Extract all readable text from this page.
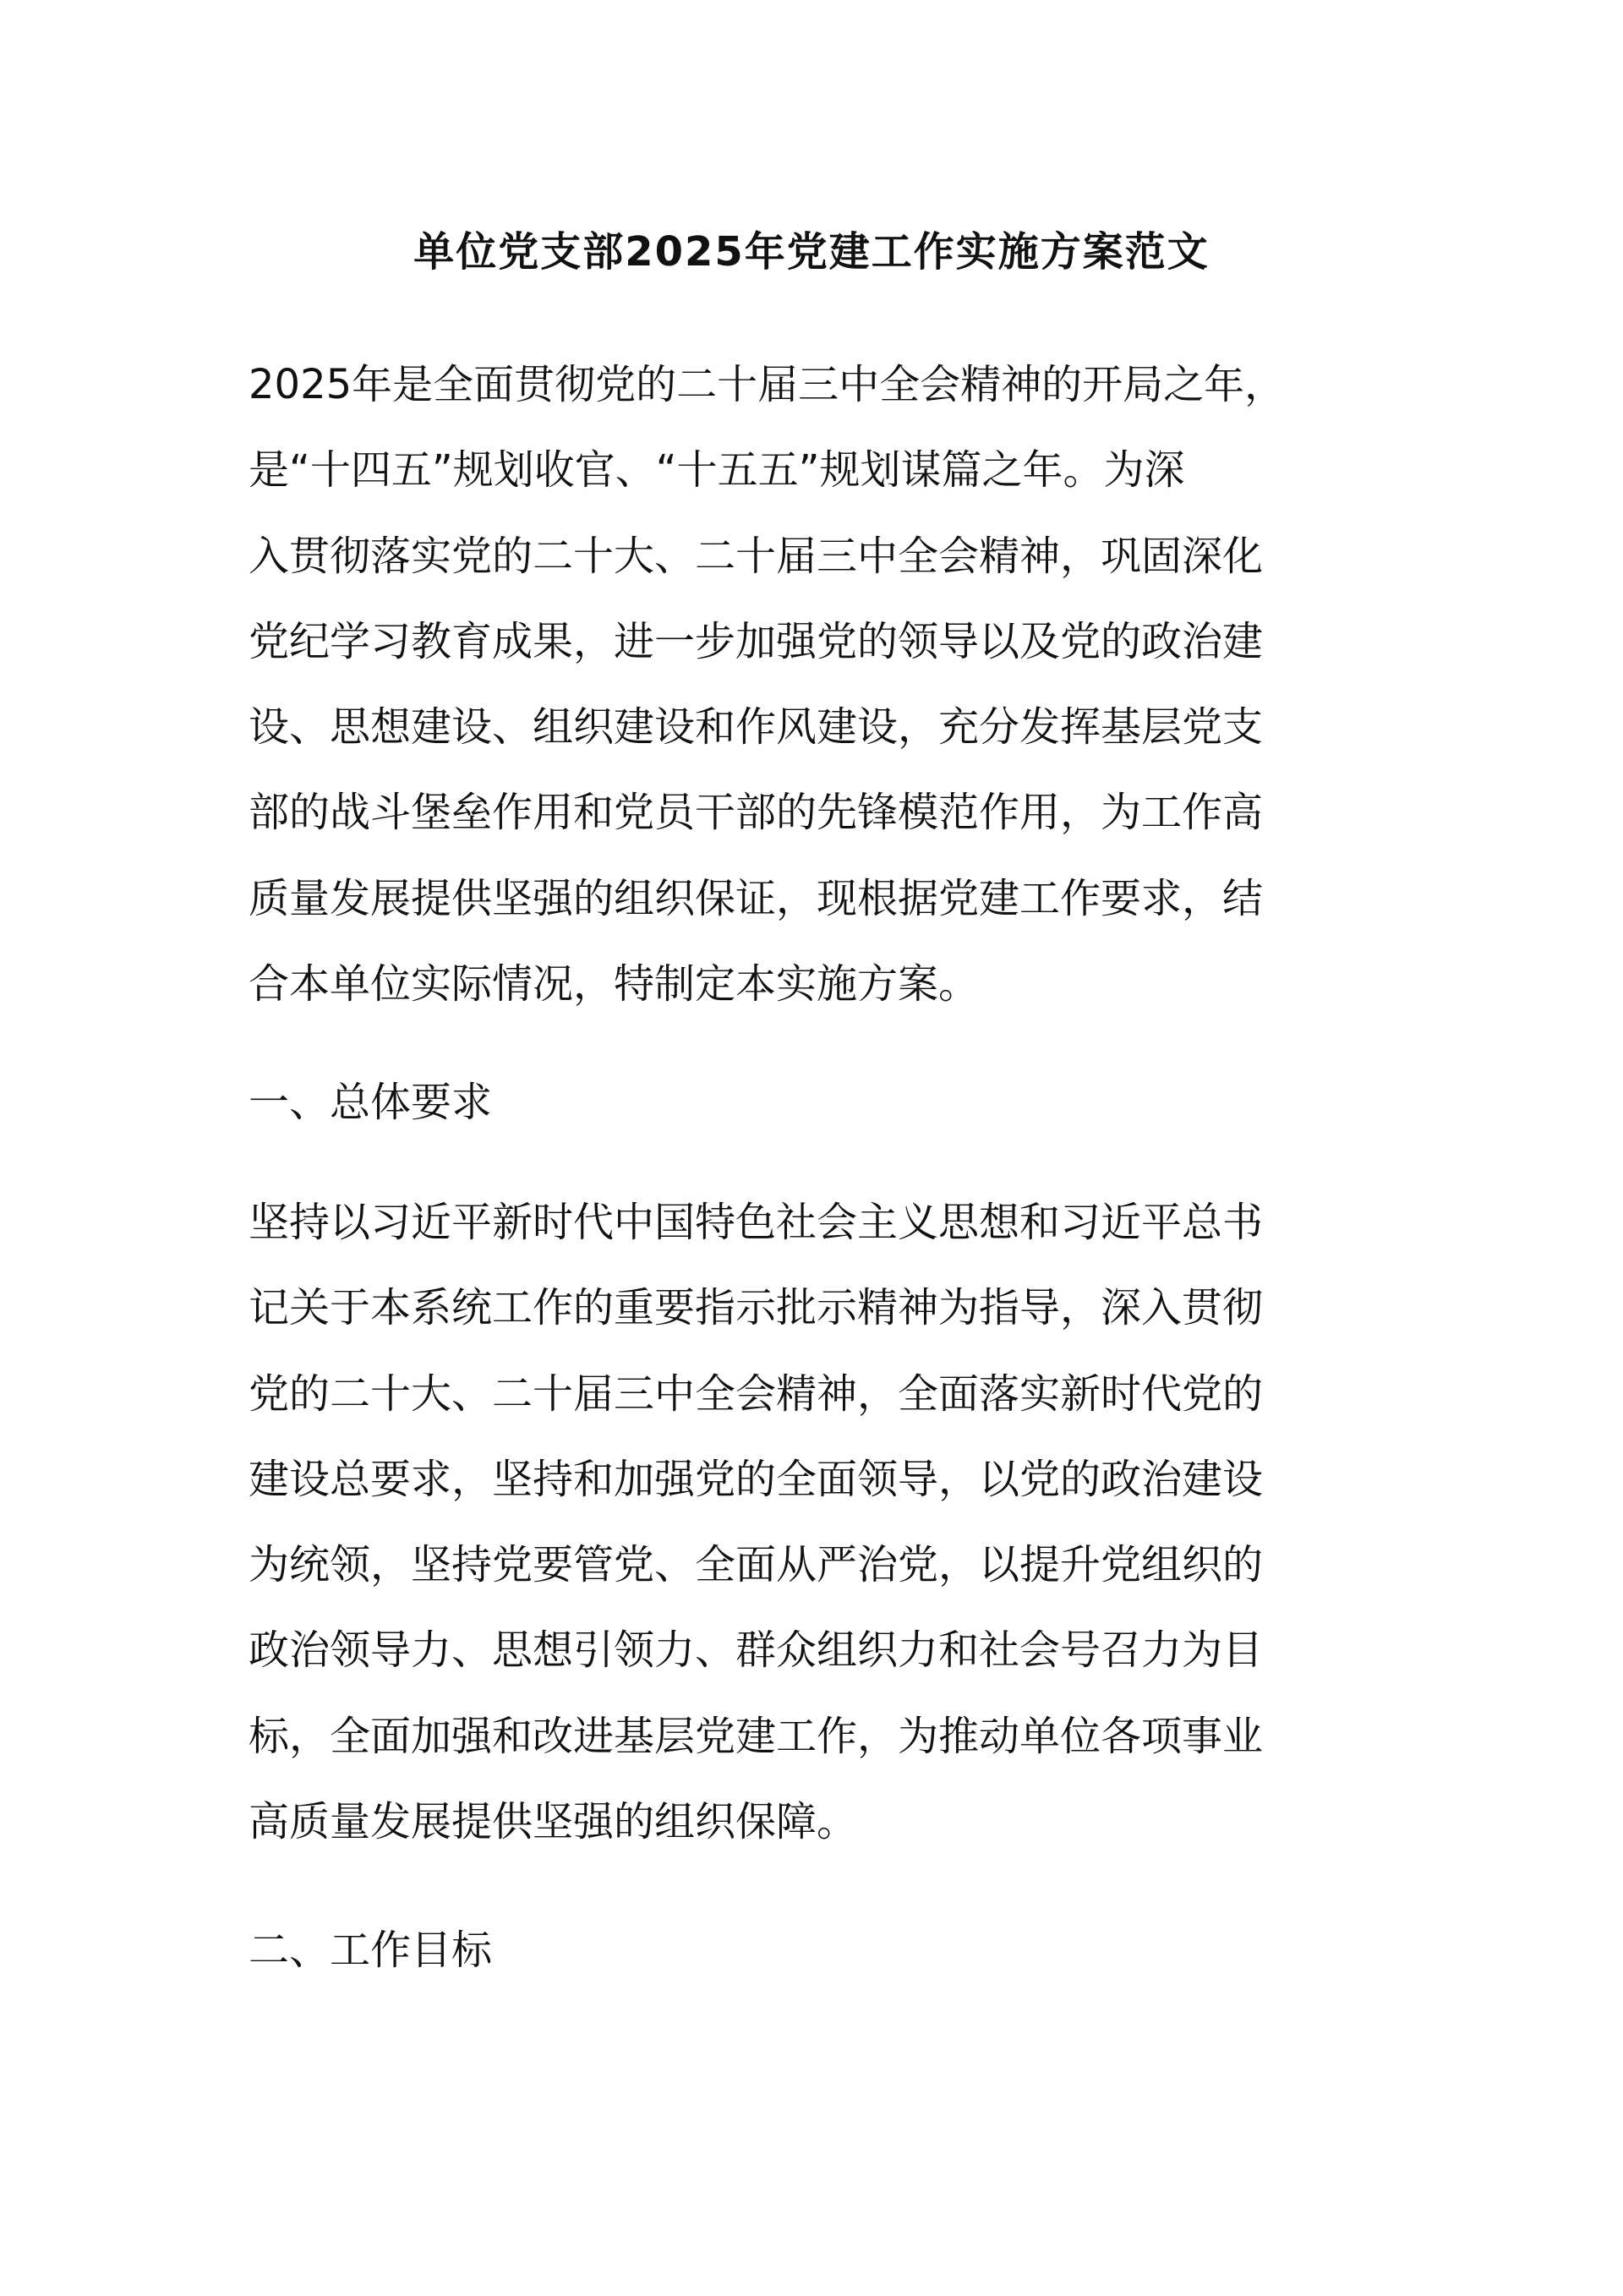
单位党支部2025年党建工作实施方案范文
2025年是全面贯彻党的二十届三中全会精神的开局之年，
是“十四五”规划收官、“十五五”规划谋篇之年。为深
入贯彻落实党的二十大、二十届三中全会精神，巩固深化
党纪学习教育成果，进一步加强党的领导以及党的政治建
设、思想建设、组织建设和作风建设，充分发挥基层党支
部的战斗堡垒作用和党员干部的先锋模范作用，为工作高
质量发展提供坚强的组织保证，现根据党建工作要求，结
合本单位实际情况，特制定本实施方案。
一、总体要求
坚持以习近平新时代中国特色社会主义思想和习近平总书
记关于本系统工作的重要指示批示精神为指导，深入贯彻
党的二十大、二十届三中全会精神，全面落实新时代党的
建设总要求，坚持和加强党的全面领导，以党的政治建设
为统领，坚持党要管党、全面从严治党，以提升党组织的
政治领导力、思想引领力、群众组织力和社会号召力为目
标，全面加强和改进基层党建工作，为推动单位各项事业
高质量发展提供坚强的组织保障。
二、工作目标
